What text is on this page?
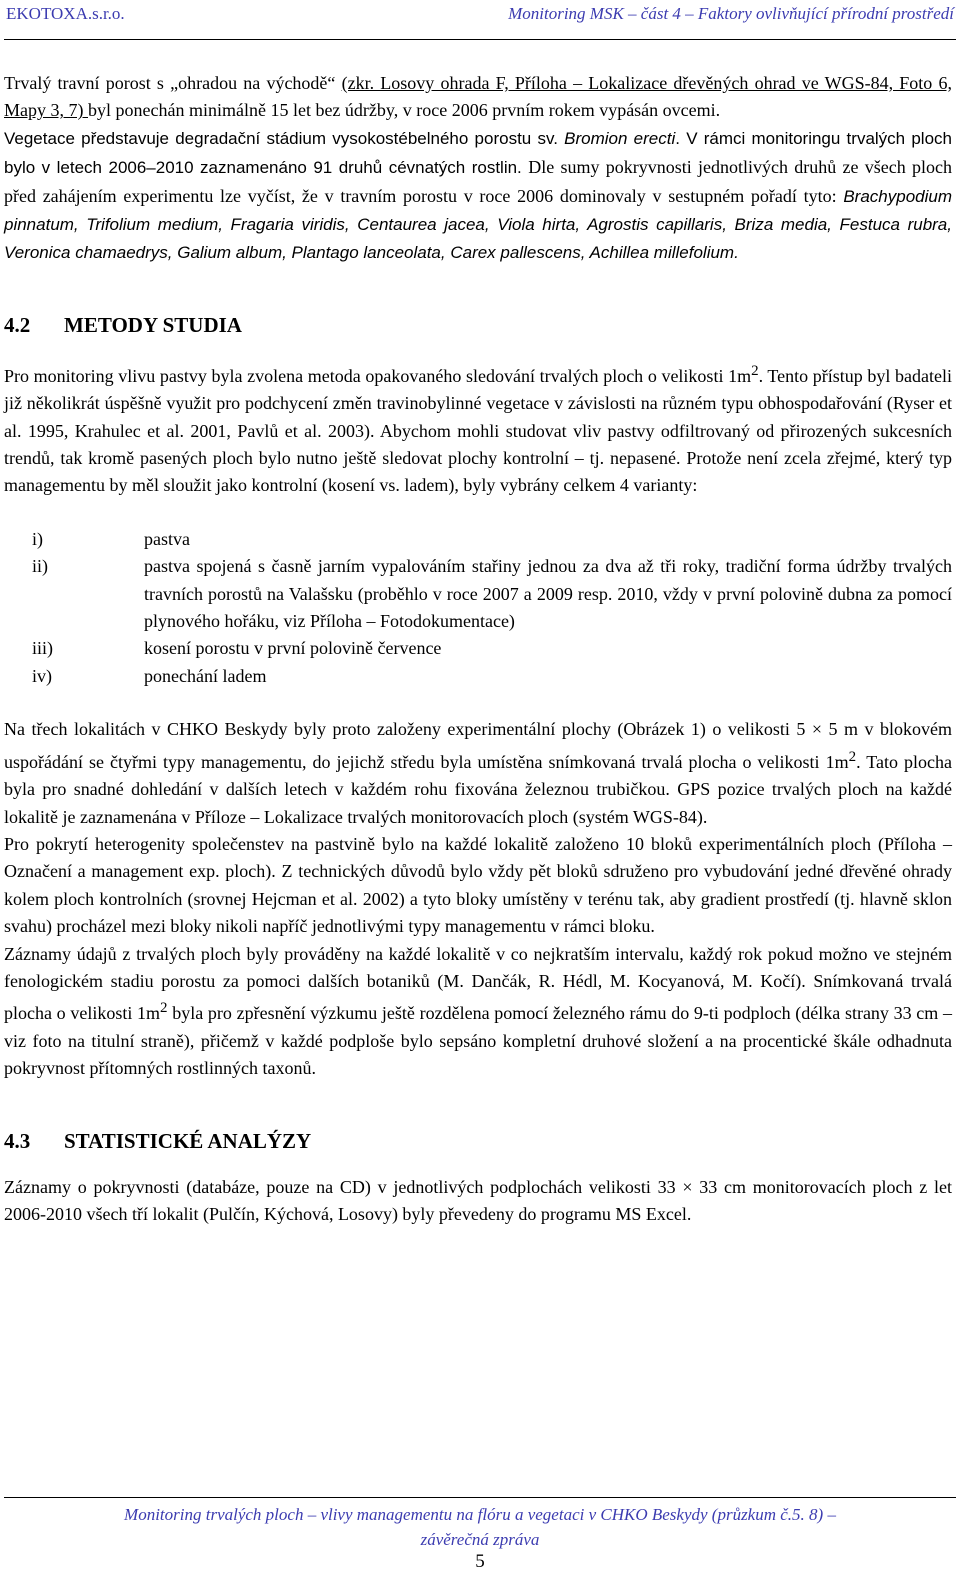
EKOTOXA.s.r.o.	Monitoring MSK – část 4 – Faktory ovlivňující přírodní prostředí

Trvalý travní porost s „ohradou na východě“ (zkr. Losovy ohrada F, Příloha – Lokalizace dřevěných ohrad ve WGS-84, Foto 6, Mapy 3, 7) byl ponechán minimálně 15 let bez údržby, v roce 2006 prvním rokem vypásán ovcemi.

Vegetace představuje degradační stádium vysokostébelného porostu sv. Bromion erecti. V rámci monitoringu trvalých ploch bylo v letech 2006–2010 zaznamenáno 91 druhů cévnatých rostlin. Dle sumy pokryvnosti jednotlivých druhů ze všech ploch před zahájením experimentu lze vyčíst, že v travním porostu v roce 2006 dominovaly v sestupném pořadí tyto: Brachypodium pinnatum, Trifolium medium, Fragaria viridis, Centaurea jacea, Viola hirta, Agrostis capillaris, Briza media, Festuca rubra, Veronica chamaedrys, Galium album, Plantago lanceolata, Carex pallescens, Achillea millefolium.

4.2 METODY STUDIA

Pro monitoring vlivu pastvy byla zvolena metoda opakovaného sledování trvalých ploch o velikosti $1m^2$. Tento přístup byl badateli již několikrát úspěšně využit pro podchycení změn travinobylinné vegetace v závislosti na různém typu obhospodařování (Ryser et al. 1995, Krahulec et al. 2001, Pavlů et al. 2003). Abychom mohli studovat vliv pastvy odfiltrovaný od přirozených sukcesních trendů, tak kromě pasených ploch bylo nutno ještě sledovat plochy kontrolní – tj. nepasené. Protože není zcela zřejmé, který typ managementu by měl sloužit jako kontrolní (kosení vs. ladem), byly vybrány celkem 4 varianty:

i)	pastva
ii)	pastva spojená s časně jarním vypalováním stařiny jednou za dva až tři roky, tradiční forma údržby trvalých travních porostů na Valašsku (proběhlo v roce 2007 a 2009 resp. 2010, vždy v první polovině dubna za pomocí plynového hořáku, viz Příloha – Fotodokumentace)
iii)	kosení porostu v první polovině července
iv)	ponechání ladem

Na třech lokalitách v CHKO Beskydy byly proto založeny experimentální plochy (Obrázek 1) o velikosti 5 × 5 m v blokovém uspořádání se čtyřmi typy managementu, do jejichž středu byla umístěna snímkovaná trvalá plocha o velikosti $1m^2$. Tato plocha byla pro snadné dohledání v dalších letech v každém rohu fixována železnou trubičkou. GPS pozice trvalých ploch na každé lokalitě je zaznamenána v Příloze – Lokalizace trvalých monitorovacích ploch (systém WGS-84).

Pro pokrytí heterogenity společenstev na pastvině bylo na každé lokalitě založeno 10 bloků experimentálních ploch (Příloha – Označení a management exp. ploch). Z technických důvodů bylo vždy pět bloků sdruženo pro vybudování jedné dřevěné ohrady kolem ploch kontrolních (srovnej Hejcman et al. 2002) a tyto bloky umístěny v terénu tak, aby gradient prostředí (tj. hlavně sklon svahu) procházel mezi bloky nikoli napříč jednotlivými typy managementu v rámci bloku.

Záznamy údajů z trvalých ploch byly prováděny na každé lokalitě v co nejkratším intervalu, každý rok pokud možno ve stejném fenologickém stadiu porostu za pomoci dalších botaniků (M. Dančák, R. Hédl, M. Kocyanová, M. Kočí). Snímkovaná trvalá plocha o velikosti $1m^2$ byla pro zpřesnění výzkumu ještě rozdělena pomocí železného rámu do 9-ti podploch (délka strany 33 cm – viz foto na titulní straně), přičemž v každé podploše bylo sepsáno kompletní druhové složení a na procentické škále odhadnuta pokryvnost přítomných rostlinných taxonů.

4.3 STATISTICKÉ ANALÝZY

Záznamy o pokryvnosti (databáze, pouze na CD) v jednotlivých podplochách velikosti 33 × 33 cm monitorovacích ploch z let 2006-2010 všech tří lokalit (Pulčín, Kýchová, Losovy) byly převedeny do programu MS Excel.

Monitoring trvalých ploch – vlivy managementu na flóru a vegetaci v CHKO Beskydy (průzkum č.5. 8) –
závěrečná zpráva
5
